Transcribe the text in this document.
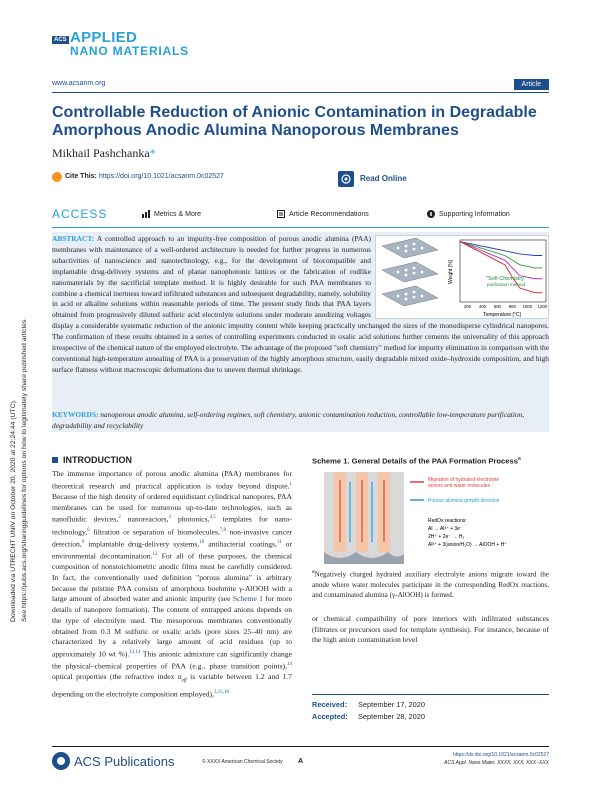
ACS APPLIED
NANO MATERIALS
www.acsanm.org	Article
Controllable Reduction of Anionic Contamination in Degradable Amorphous Anodic Alumina Nanoporous Membranes
Mikhail Pashchanka*
Cite This: https://doi.org/10.1021/acsanm.0c02527	Read Online
ACCESS	Metrics & More	Article Recommendations	Supporting Information
Downloaded via UTRECHT UNIV on October 20, 2020 at 22:24:44 (UTC). See https://pubs.acs.org/sharingguidelines for options on how to legitimately share published articles.
200 400 600 800 1000 1200
Temperature [°C]
Weight [%]	"Soft Chemistry"
purification method
ABSTRACT: A controlled approach to an impurity-free composition of porous anodic alumina (PAA) membranes with maintenance of a well-ordered architecture is needed for further progress in numerous subactivities of nanoscience and nanotechnology, e.g., for the development of biocompatible and implantable drug-delivery systems and of planar nanophotonic lattices or the fabrication of rodlike nanomaterials by the sacrificial template method. It is highly desirable for such PAA membranes to combine a chemical inertness toward infiltrated substances and subsequent degradability, namely, solubility in acid or alkaline solutions within reasonable periods of time. The present study finds that PAA layers obtained from progressively diluted sulfuric acid electrolyte solutions under moderate anodizing voltages display a considerable systematic reduction of the anionic impurity content while keeping practically unchanged the sizes of the monodisperse cylindrical nanopores. The confirmation of these results obtained in a series of controlling experiments conducted in oxalic acid solutions further cements the universality of this approach irrespective of the chemical nature of the employed electrolyte. The advantage of the proposed "soft chemistry" method for impurity elimination in comparison with the conventional high-temperature annealing of PAA is a preservation of the highly amorphous structure, easily degradable mixed oxide–hydroxide composition, and high surface flatness without macroscopic deformations due to uneven thermal shrinkage.
KEYWORDS: nanoporous anodic alumina, self-ordering regimes, soft chemistry, anionic contamination reduction, controllable low-temperature purification, degradability and recyclability
INTRODUCTION
The immense importance of porous anodic alumina (PAA) membranes for theoretical research and practical application is today beyond dispute.$^1$ Because of the high density of ordered equidistant cylindrical nanopores, PAA membranes can be used for numerous up-to-date technologies, such as nanofluidic devices,$^2$ nanoreactors,$^3$ photonics,$^{4,5}$ templates for nano-technology,$^6$ filtration or separation of biomolecules,$^{7,8}$ non-invasive cancer detection,$^9$ implantable drug-delivery systems,$^{10}$ antibacterial coatings,$^{11}$ or environmental decontamination.$^{12}$ For all of these purposes, the chemical composition of nonstoichiometric anodic films must be carefully considered. In fact, the conventionally used definition "porous alumina" is arbitrary because the pristine PAA consists of amorphous boehmite γ-AlOOH with a large amount of absorbed water and anionic impurity (see Scheme 1 for more details of nanopore formation). The content of entrapped anions depends on the type of electrolyte used. The mesoporous membranes conventionally obtained from 0.3 M sulfuric or oxalic acids (pore sizes 25–40 nm) are characterized by a relatively large amount of acid residues (up to approximately 10 wt %).$^{13,14}$ This anionic admixture can significantly change the physical–chemical properties of PAA (e.g., phase transition points),$^{14}$ optical properties (the refractive index $n_{eff}$ is variable between 1.2 and 1.7 depending on the electrolyte composition employed),$^{3,15,16}$
Scheme 1. General Details of the PAA Formation Process$^a$
Migration of hydrated electrolyte
anions and water molecules
Porous alumina growth direction
RedOx reactions:
Al → Al³⁺ + 3e⁻
2H⁺ + 2e⁻ → H₂
Al³⁺ + 3(anion/H₂O) → AlOOH + H⁺
$^a$Negatively charged hydrated auxiliary electrolyte anions migrate toward the anode where water molecules participate in the corresponding RedOx reactions, and contaminated alumina (γ-AlOOH) is formed.
or chemical compatibility of pore interiors with infiltrated substances (filtrates or precursors used for template synthesis). For instance, because of the high anion contamination level
Received: September 17, 2020
Accepted: September 28, 2020
ACS Publications	© XXXX American Chemical Society A
https://dx.doi.org/10.1021/acsanm.0c02527
ACS Appl. Nano Mater. XXXX, XXX, XXX−XXX
